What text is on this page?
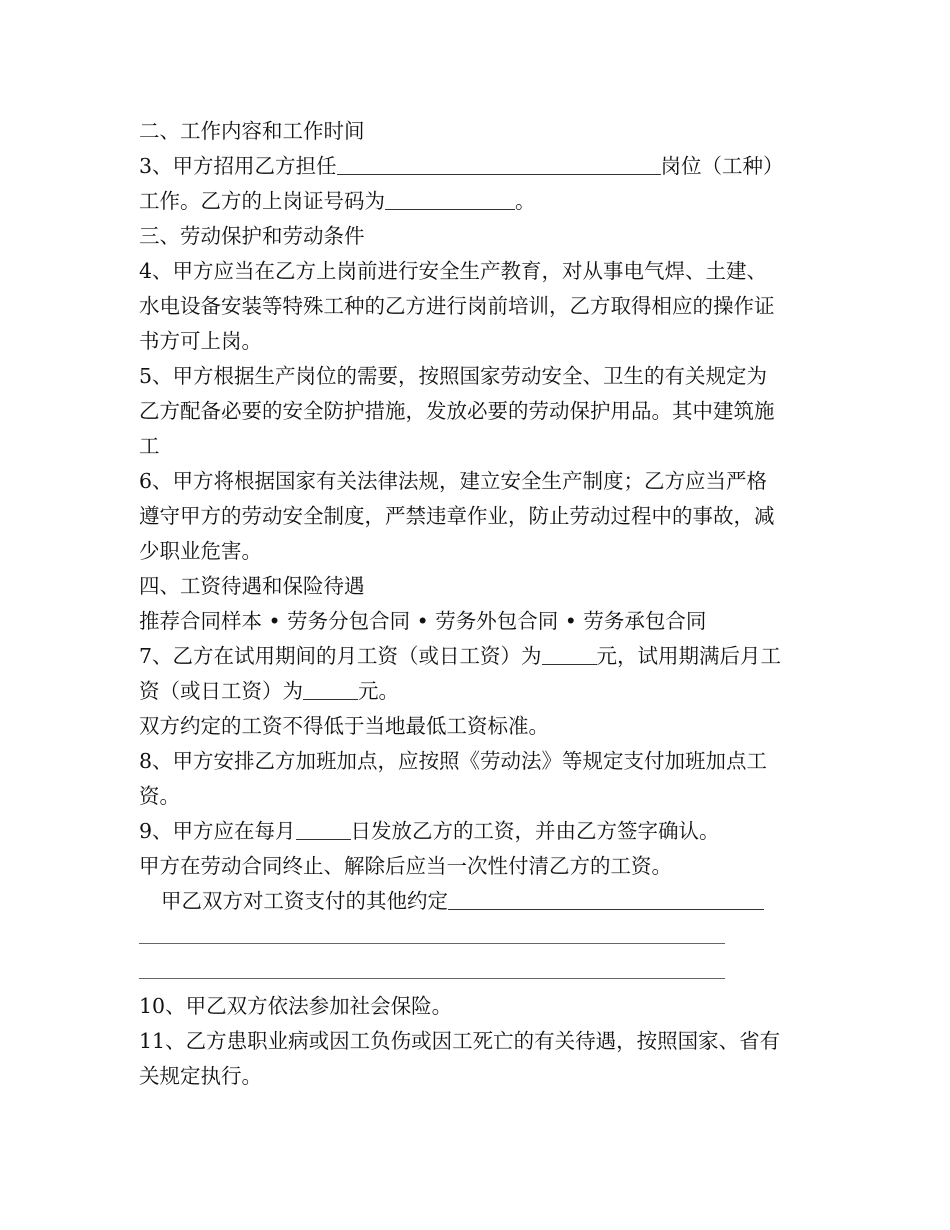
二、工作内容和工作时间
3、甲方招用乙方担任	岗位（工种）
工作。乙方的上岗证号码为	。
三、劳动保护和劳动条件
4、甲方应当在乙方上岗前进行安全生产教育，对从事电气焊、土建、
水电设备安装等特殊工种的乙方进行岗前培训，乙方取得相应的操作证
书方可上岗。
5、甲方根据生产岗位的需要，按照国家劳动安全、卫生的有关规定为
乙方配备必要的安全防护措施，发放必要的劳动保护用品。其中建筑施
工
6、甲方将根据国家有关法律法规，建立安全生产制度；乙方应当严格
遵守甲方的劳动安全制度，严禁违章作业，防止劳动过程中的事故，减
少职业危害。
四、工资待遇和保险待遇
推荐合同样本 • 劳务分包合同 • 劳务外包合同 • 劳务承包合同
7、乙方在试用期间的月工资（或日工资）为	元，试用期满后月工
资（或日工资）为	元。
双方约定的工资不得低于当地最低工资标准。
8、甲方安排乙方加班加点，应按照《劳动法》等规定支付加班加点工
资。
9、甲方应在每月	日发放乙方的工资，并由乙方签字确认。
甲方在劳动合同终止、解除后应当一次性付清乙方的工资。
甲乙双方对工资支付的其他约定
10、甲乙双方依法参加社会保险。
11、乙方患职业病或因工负伤或因工死亡的有关待遇，按照国家、省有
关规定执行。
